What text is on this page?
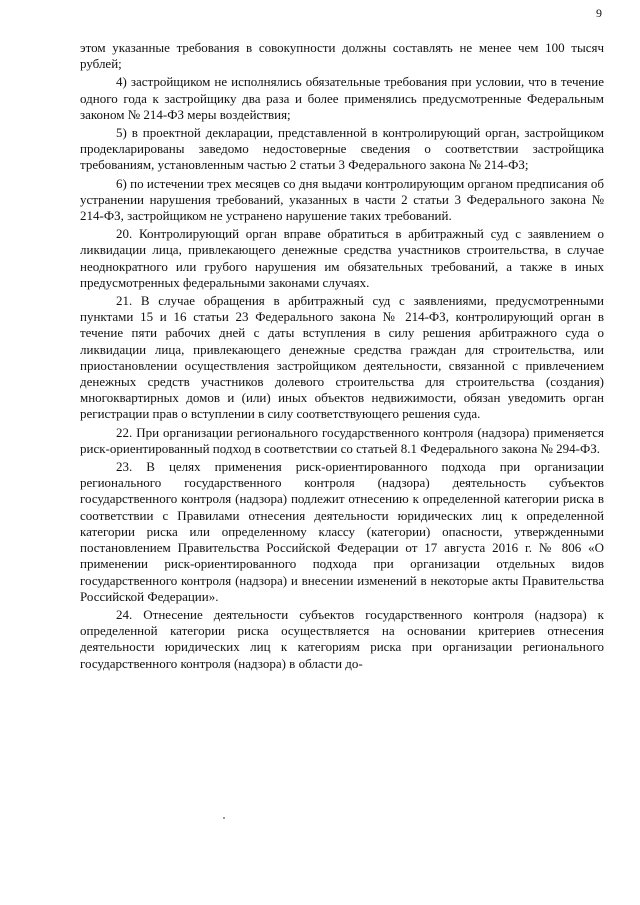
9

этом указанные требования в совокупности должны составлять не менее чем 100 тысяч рублей;

4) застройщиком не исполнялись обязательные требования при условии, что в течение одного года к застройщику два раза и более применялись предусмотренные Федеральным законом № 214-ФЗ меры воздействия;

5) в проектной декларации, представленной в контролирующий орган, застройщиком продекларированы заведомо недостоверные сведения о соответствии застройщика требованиям, установленным частью 2 статьи 3 Федерального закона № 214-ФЗ;

6) по истечении трех месяцев со дня выдачи контролирующим органом предписания об устранении нарушения требований, указанных в части 2 статьи 3 Федерального закона № 214-ФЗ, застройщиком не устранено нарушение таких требований.

20. Контролирующий орган вправе обратиться в арбитражный суд с заявлением о ликвидации лица, привлекающего денежные средства участников строительства, в случае неоднократного или грубого нарушения им обязательных требований, а также в иных предусмотренных федеральными законами случаях.

21. В случае обращения в арбитражный суд с заявлениями, предусмотренными пунктами 15 и 16 статьи 23 Федерального закона № 214-ФЗ, контролирующий орган в течение пяти рабочих дней с даты вступления в силу решения арбитражного суда о ликвидации лица, привлекающего денежные средства граждан для строительства, или приостановлении осуществления застройщиком деятельности, связанной с привлечением денежных средств участников долевого строительства для строительства (создания) многоквартирных домов и (или) иных объектов недвижимости, обязан уведомить орган регистрации прав о вступлении в силу соответствующего решения суда.

22. При организации регионального государственного контроля (надзора) применяется риск-ориентированный подход в соответствии со статьей 8.1 Федерального закона № 294-ФЗ.

23. В целях применения риск-ориентированного подхода при организации регионального государственного контроля (надзора) деятельность субъектов государственного контроля (надзора) подлежит отнесению к определенной категории риска в соответствии с Правилами отнесения деятельности юридических лиц к определенной категории риска или определенному классу (категории) опасности, утвержденными постановлением Правительства Российской Федерации от 17 августа 2016 г. № 806 «О применении риск-ориентированного подхода при организации отдельных видов государственного контроля (надзора) и внесении изменений в некоторые акты Правительства Российской Федерации».

24. Отнесение деятельности субъектов государственного контроля (надзора) к определенной категории риска осуществляется на основании критериев отнесения деятельности юридических лиц к категориям риска при организации регионального государственного контроля (надзора) в области до-
